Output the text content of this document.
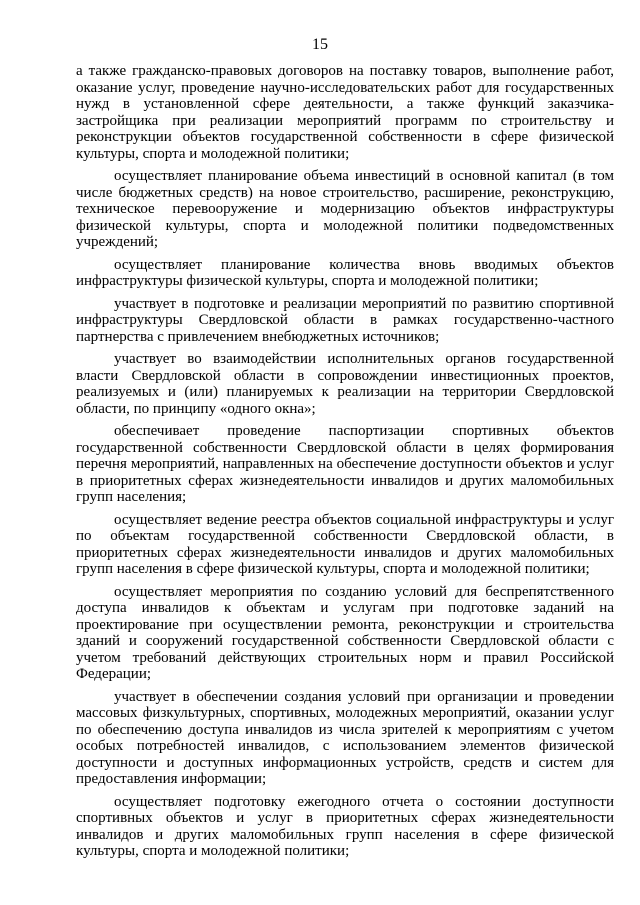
15

а также гражданско-правовых договоров на поставку товаров, выполнение работ, оказание услуг, проведение научно-исследовательских работ для государственных нужд в установленной сфере деятельности, а также функций заказчика-застройщика при реализации мероприятий программ по строительству и реконструкции объектов государственной собственности в сфере физической культуры, спорта и молодежной политики;

осуществляет планирование объема инвестиций в основной капитал (в том числе бюджетных средств) на новое строительство, расширение, реконструкцию, техническое перевооружение и модернизацию объектов инфраструктуры физической культуры, спорта и молодежной политики подведомственных учреждений;

осуществляет планирование количества вновь вводимых объектов инфраструктуры физической культуры, спорта и молодежной политики;

участвует в подготовке и реализации мероприятий по развитию спортивной инфраструктуры Свердловской области в рамках государственно-частного партнерства с привлечением внебюджетных источников;

участвует во взаимодействии исполнительных органов государственной власти Свердловской области в сопровождении инвестиционных проектов, реализуемых и (или) планируемых к реализации на территории Свердловской области, по принципу «одного окна»;

обеспечивает проведение паспортизации спортивных объектов государственной собственности Свердловской области в целях формирования перечня мероприятий, направленных на обеспечение доступности объектов и услуг в приоритетных сферах жизнедеятельности инвалидов и других маломобильных групп населения;

осуществляет ведение реестра объектов социальной инфраструктуры и услуг по объектам государственной собственности Свердловской области, в приоритетных сферах жизнедеятельности инвалидов и других маломобильных групп населения в сфере физической культуры, спорта и молодежной политики;

осуществляет мероприятия по созданию условий для беспрепятственного доступа инвалидов к объектам и услугам при подготовке заданий на проектирование при осуществлении ремонта, реконструкции и строительства зданий и сооружений государственной собственности Свердловской области с учетом требований действующих строительных норм и правил Российской Федерации;

участвует в обеспечении создания условий при организации и проведении массовых физкультурных, спортивных, молодежных мероприятий, оказании услуг по обеспечению доступа инвалидов из числа зрителей к мероприятиям с учетом особых потребностей инвалидов, с использованием элементов физической доступности и доступных информационных устройств, средств и систем для предоставления информации;

осуществляет подготовку ежегодного отчета о состоянии доступности спортивных объектов и услуг в приоритетных сферах жизнедеятельности инвалидов и других маломобильных групп населения в сфере физической культуры, спорта и молодежной политики;
